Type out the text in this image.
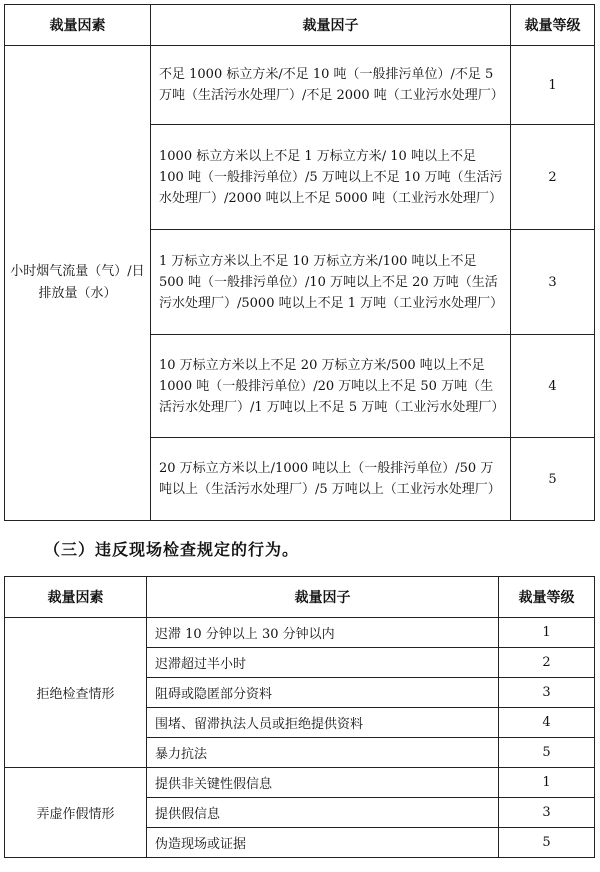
裁量因素	裁量因子	裁量等级
小时烟气流量（气）/日排放量（水）	不足 1000 标立方米/不足 10 吨（一般排污单位）/不足 5 万吨（生活污水处理厂）/不足 2000 吨（工业污水处理厂）	1
	1000 标立方米以上不足 1 万标立方米/ 10 吨以上不足 100 吨（一般排污单位）/5 万吨以上不足 10 万吨（生活污水处理厂）/2000 吨以上不足 5000 吨（工业污水处理厂）	2
	1 万标立方米以上不足 10 万标立方米/100 吨以上不足 500 吨（一般排污单位）/10 万吨以上不足 20 万吨（生活污水处理厂）/5000 吨以上不足 1 万吨（工业污水处理厂）	3
	10 万标立方米以上不足 20 万标立方米/500 吨以上不足 1000 吨（一般排污单位）/20 万吨以上不足 50 万吨（生活污水处理厂）/1 万吨以上不足 5 万吨（工业污水处理厂）	4
	20 万标立方米以上/1000 吨以上（一般排污单位）/50 万吨以上（生活污水处理厂）/5 万吨以上（工业污水处理厂）	5
（三）违反现场检查规定的行为。
裁量因素	裁量因子	裁量等级
拒绝检查情形	迟滞 10 分钟以上 30 分钟以内	1
	迟滞超过半小时	2
	阻碍或隐匿部分资料	3
	围堵、留滞执法人员或拒绝提供资料	4
	暴力抗法	5
弄虚作假情形	提供非关键性假信息	1
	提供假信息	3
	伪造现场或证据	5
